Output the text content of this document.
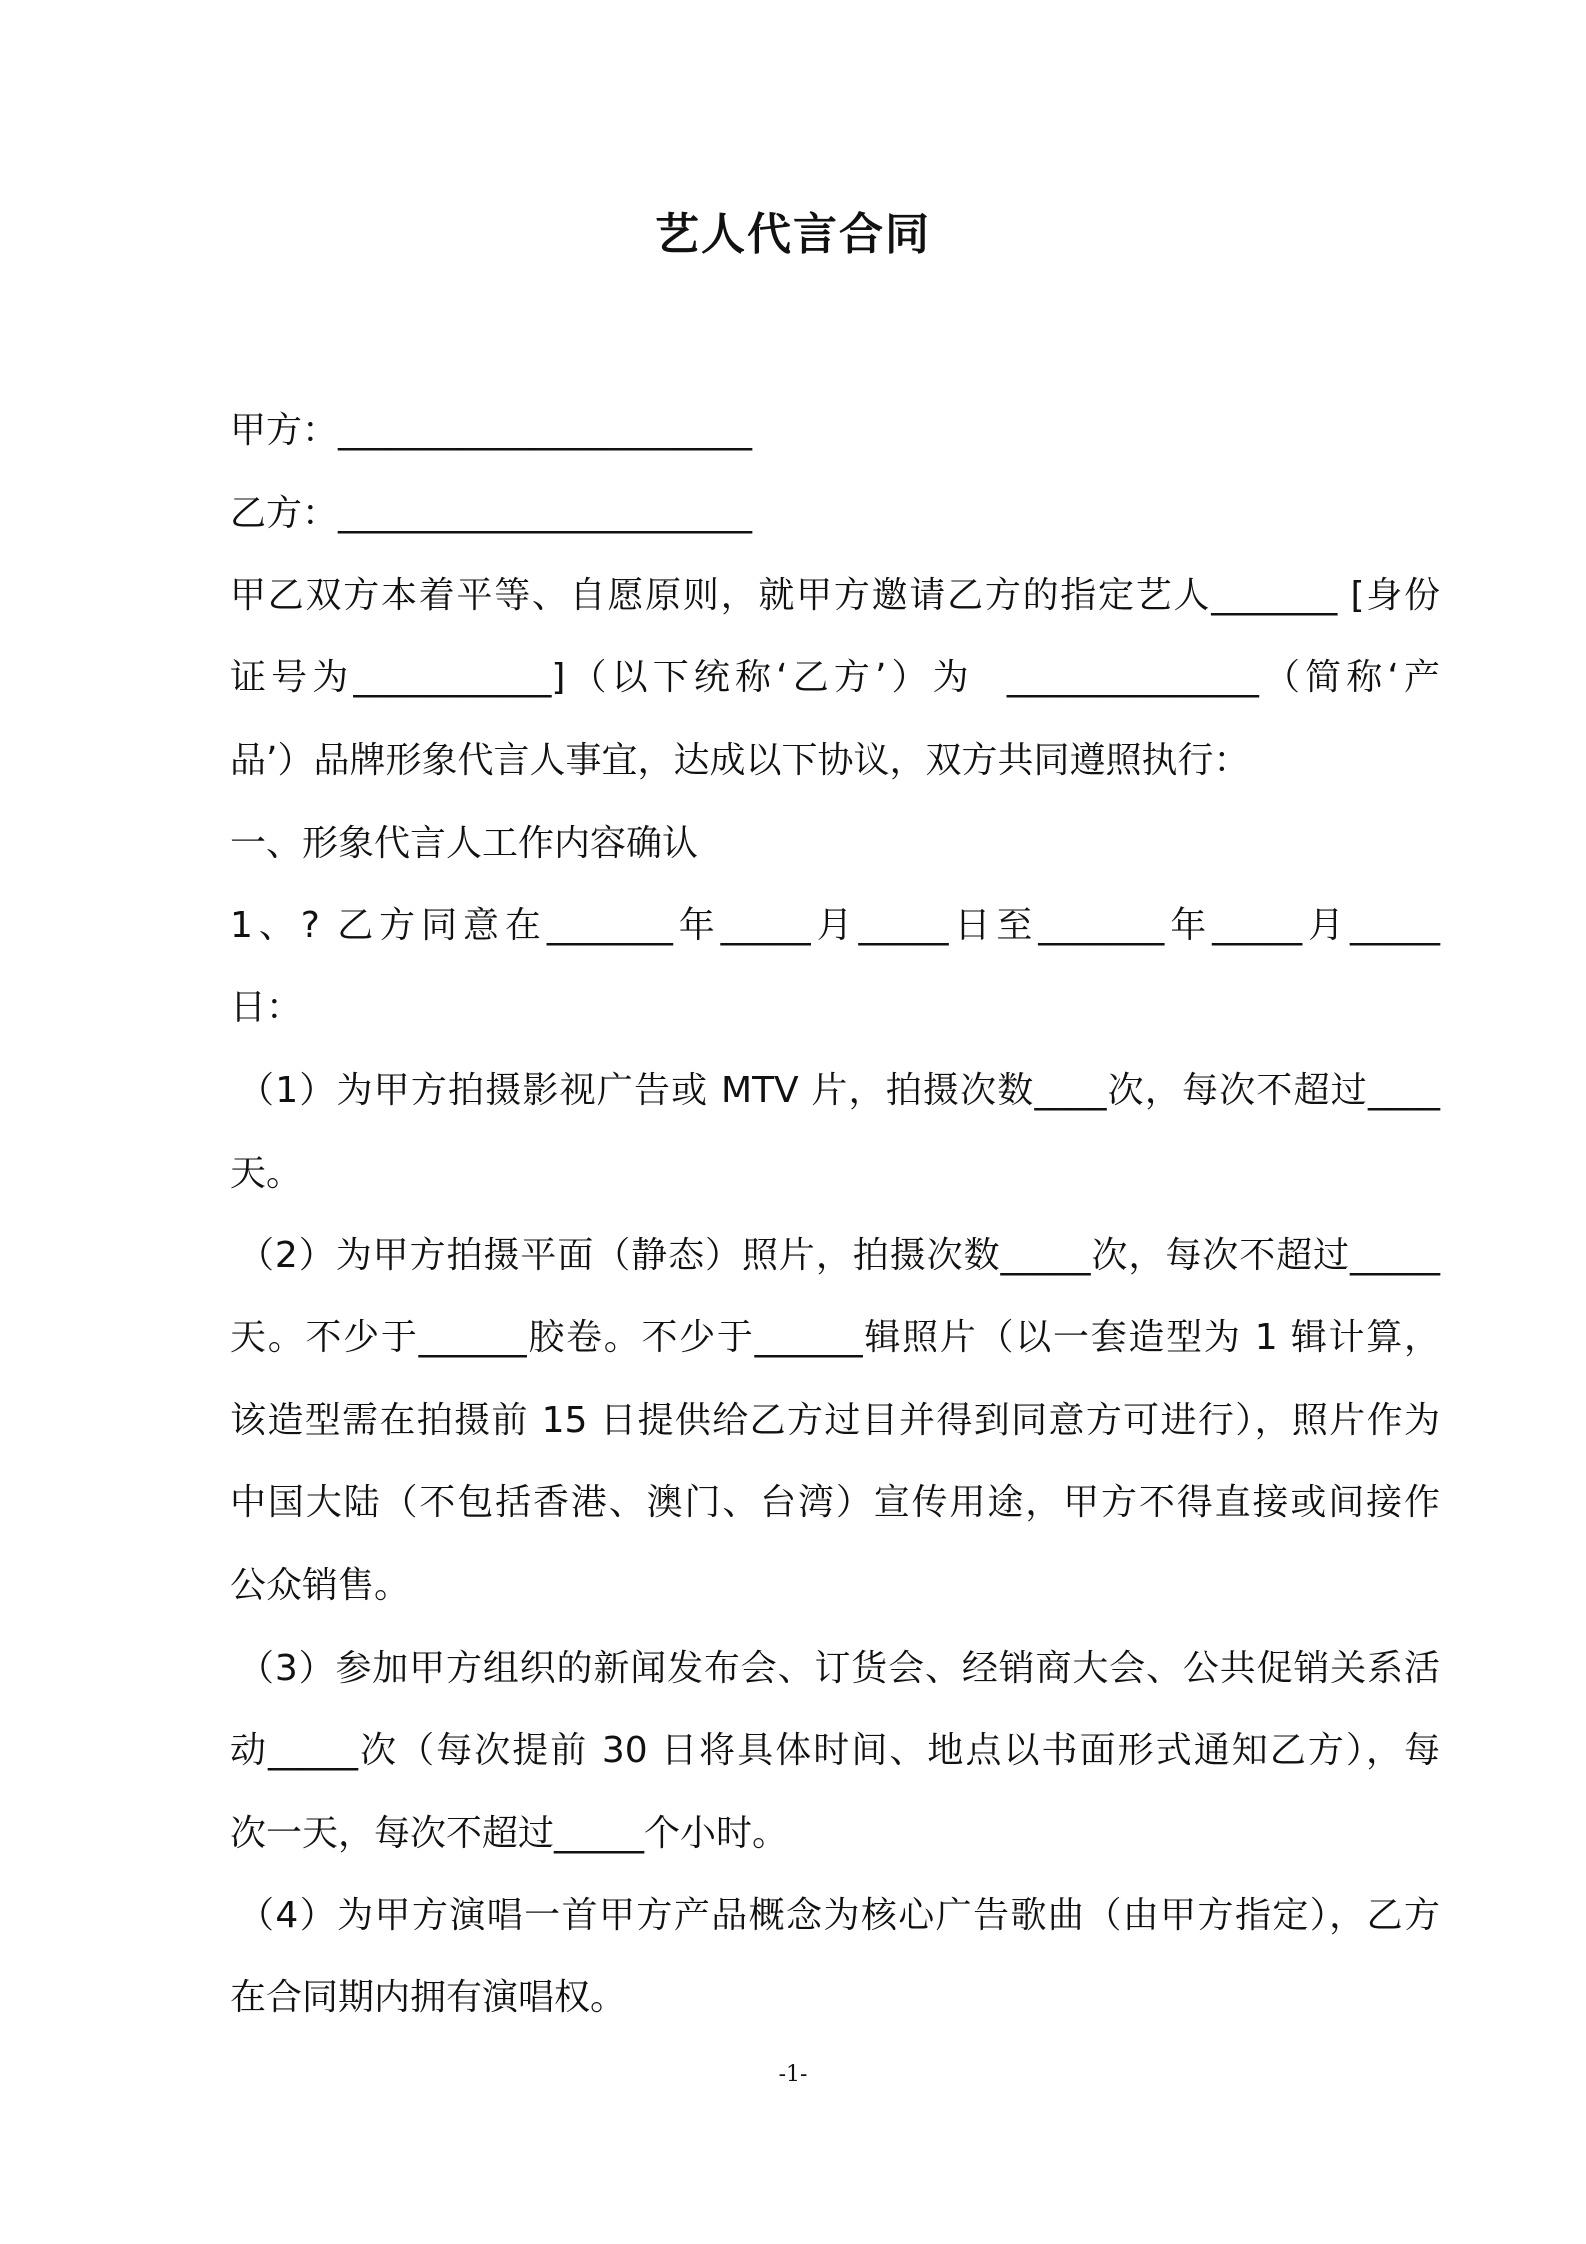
艺人代言合同
甲方：_______________________
乙方：_______________________
甲乙双方本着平等、自愿原则，就甲方邀请乙方的指定艺人_______ [身份
证号为___________]（以下统称‘乙方’）为  ______________（简称‘产
品’）品牌形象代言人事宜，达成以下协议，双方共同遵照执行：
一、形象代言人工作内容确认
1、? 乙方同意在_______年_____月_____日至_______年_____月_____
日：
（1）为甲方拍摄影视广告或 MTV 片，拍摄次数____次，每次不超过____
天。
（2）为甲方拍摄平面（静态）照片，拍摄次数_____次，每次不超过_____
天。不少于______胶卷。不少于______辑照片（以一套造型为 1 辑计算，
该造型需在拍摄前 15 日提供给乙方过目并得到同意方可进行），照片作为
中国大陆（不包括香港、澳门、台湾）宣传用途，甲方不得直接或间接作
公众销售。
（3）参加甲方组织的新闻发布会、订货会、经销商大会、公共促销关系活
动_____次（每次提前 30 日将具体时间、地点以书面形式通知乙方），每
次一天，每次不超过_____个小时。
（4）为甲方演唱一首甲方产品概念为核心广告歌曲（由甲方指定），乙方
在合同期内拥有演唱权。
-1-
